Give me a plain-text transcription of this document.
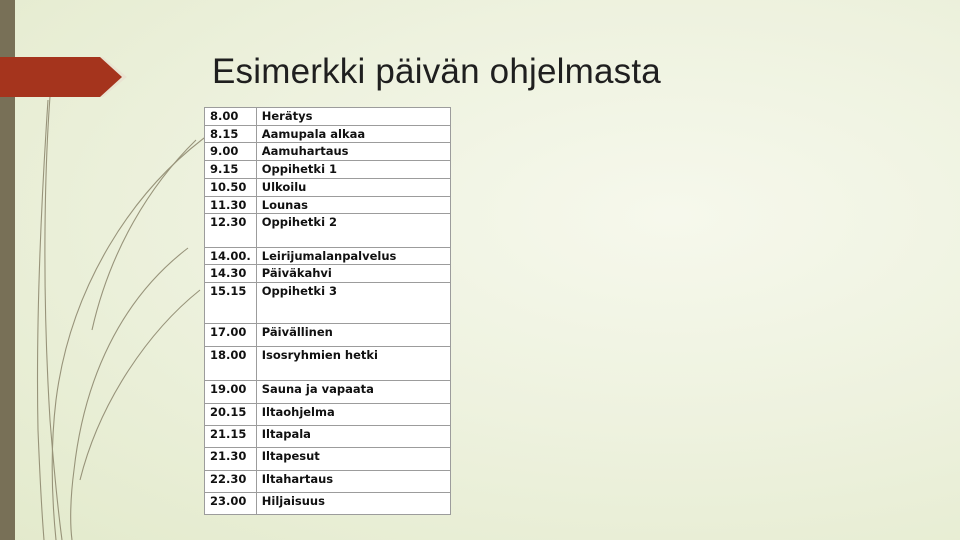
Esimerkki päivän ohjelmasta
8.00	Herätys
8.15	Aamupala alkaa
9.00	Aamuhartaus
9.15	Oppihetki 1
10.50	Ulkoilu
11.30	Lounas
12.30	Oppihetki 2
14.00.	Leirijumalanpalvelus
14.30	Päiväkahvi
15.15	Oppihetki 3
17.00	Päivällinen
18.00	Isosryhmien hetki
19.00	Sauna ja vapaata
20.15	Iltaohjelma
21.15	Iltapala
21.30	Iltapesut
22.30	Iltahartaus
23.00	Hiljaisuus
